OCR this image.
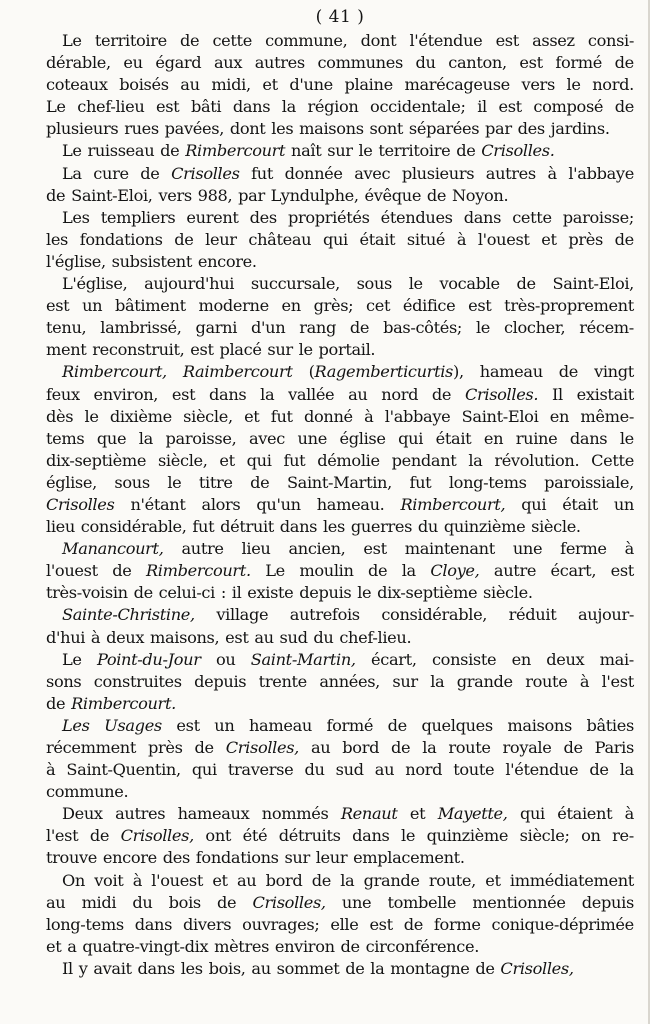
( 41 )
Le territoire de cette commune, dont l'étendue est assez consi-
dérable, eu égard aux autres communes du canton, est formé de
coteaux boisés au midi, et d'une plaine marécageuse vers le nord.
Le chef-lieu est bâti dans la région occidentale; il est composé de
plusieurs rues pavées, dont les maisons sont séparées par des jardins.
Le ruisseau de Rimbercourt naît sur le territoire de Crisolles.
La cure de Crisolles fut donnée avec plusieurs autres à l'abbaye
de Saint-Eloi, vers 988, par Lyndulphe, évêque de Noyon.
Les templiers eurent des propriétés étendues dans cette paroisse;
les fondations de leur château qui était situé à l'ouest et près de
l'église, subsistent encore.
L'église, aujourd'hui succursale, sous le vocable de Saint-Eloi,
est un bâtiment moderne en grès; cet édifice est très-proprement
tenu, lambrissé, garni d'un rang de bas-côtés; le clocher, récem-
ment reconstruit, est placé sur le portail.
Rimbercourt, Raimbercourt (Ragemberticurtis), hameau de vingt
feux environ, est dans la vallée au nord de Crisolles. Il existait
dès le dixième siècle, et fut donné à l'abbaye Saint-Eloi en même-
tems que la paroisse, avec une église qui était en ruine dans le
dix-septième siècle, et qui fut démolie pendant la révolution. Cette
église, sous le titre de Saint-Martin, fut long-tems paroissiale,
Crisolles n'étant alors qu'un hameau. Rimbercourt, qui était un
lieu considérable, fut détruit dans les guerres du quinzième siècle.
Manancourt, autre lieu ancien, est maintenant une ferme à
l'ouest de Rimbercourt. Le moulin de la Cloye, autre écart, est
très-voisin de celui-ci : il existe depuis le dix-septième siècle.
Sainte-Christine, village autrefois considérable, réduit aujour-
d'hui à deux maisons, est au sud du chef-lieu.
Le Point-du-Jour ou Saint-Martin, écart, consiste en deux mai-
sons construites depuis trente années, sur la grande route à l'est
de Rimbercourt.
Les Usages est un hameau formé de quelques maisons bâties
récemment près de Crisolles, au bord de la route royale de Paris
à Saint-Quentin, qui traverse du sud au nord toute l'étendue de la
commune.
Deux autres hameaux nommés Renaut et Mayette, qui étaient à
l'est de Crisolles, ont été détruits dans le quinzième siècle; on re-
trouve encore des fondations sur leur emplacement.
On voit à l'ouest et au bord de la grande route, et immédiatement
au midi du bois de Crisolles, une tombelle mentionnée depuis
long-tems dans divers ouvrages; elle est de forme conique-déprimée
et a quatre-vingt-dix mètres environ de circonférence.
Il y avait dans les bois, au sommet de la montagne de Crisolles,
